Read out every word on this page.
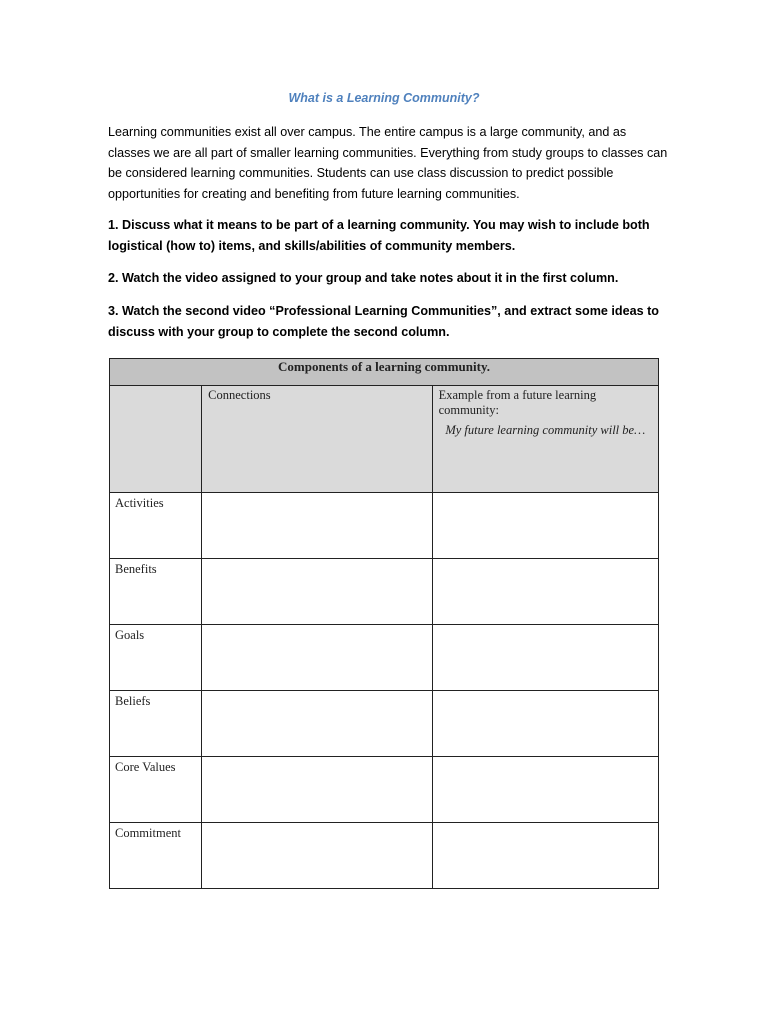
What is a Learning Community?
Learning communities exist all over campus. The entire campus is a large community, and as classes we are all part of smaller learning communities. Everything from study groups to classes can be considered learning communities. Students can use class discussion to predict possible opportunities for creating and benefiting from future learning communities.
1. Discuss what it means to be part of a learning community. You may wish to include both logistical (how to) items, and skills/abilities of community members.
2. Watch the video assigned to your group and take notes about it in the first column.
3. Watch the second video “Professional Learning Communities”, and extract some ideas to discuss with your group to complete the second column.
Components of a learning community.		

	Connections	Example from a future learning community:
My future learning community will be…

Activities		

Benefits		

Goals		

Beliefs		

Core Values		

Commitment		
